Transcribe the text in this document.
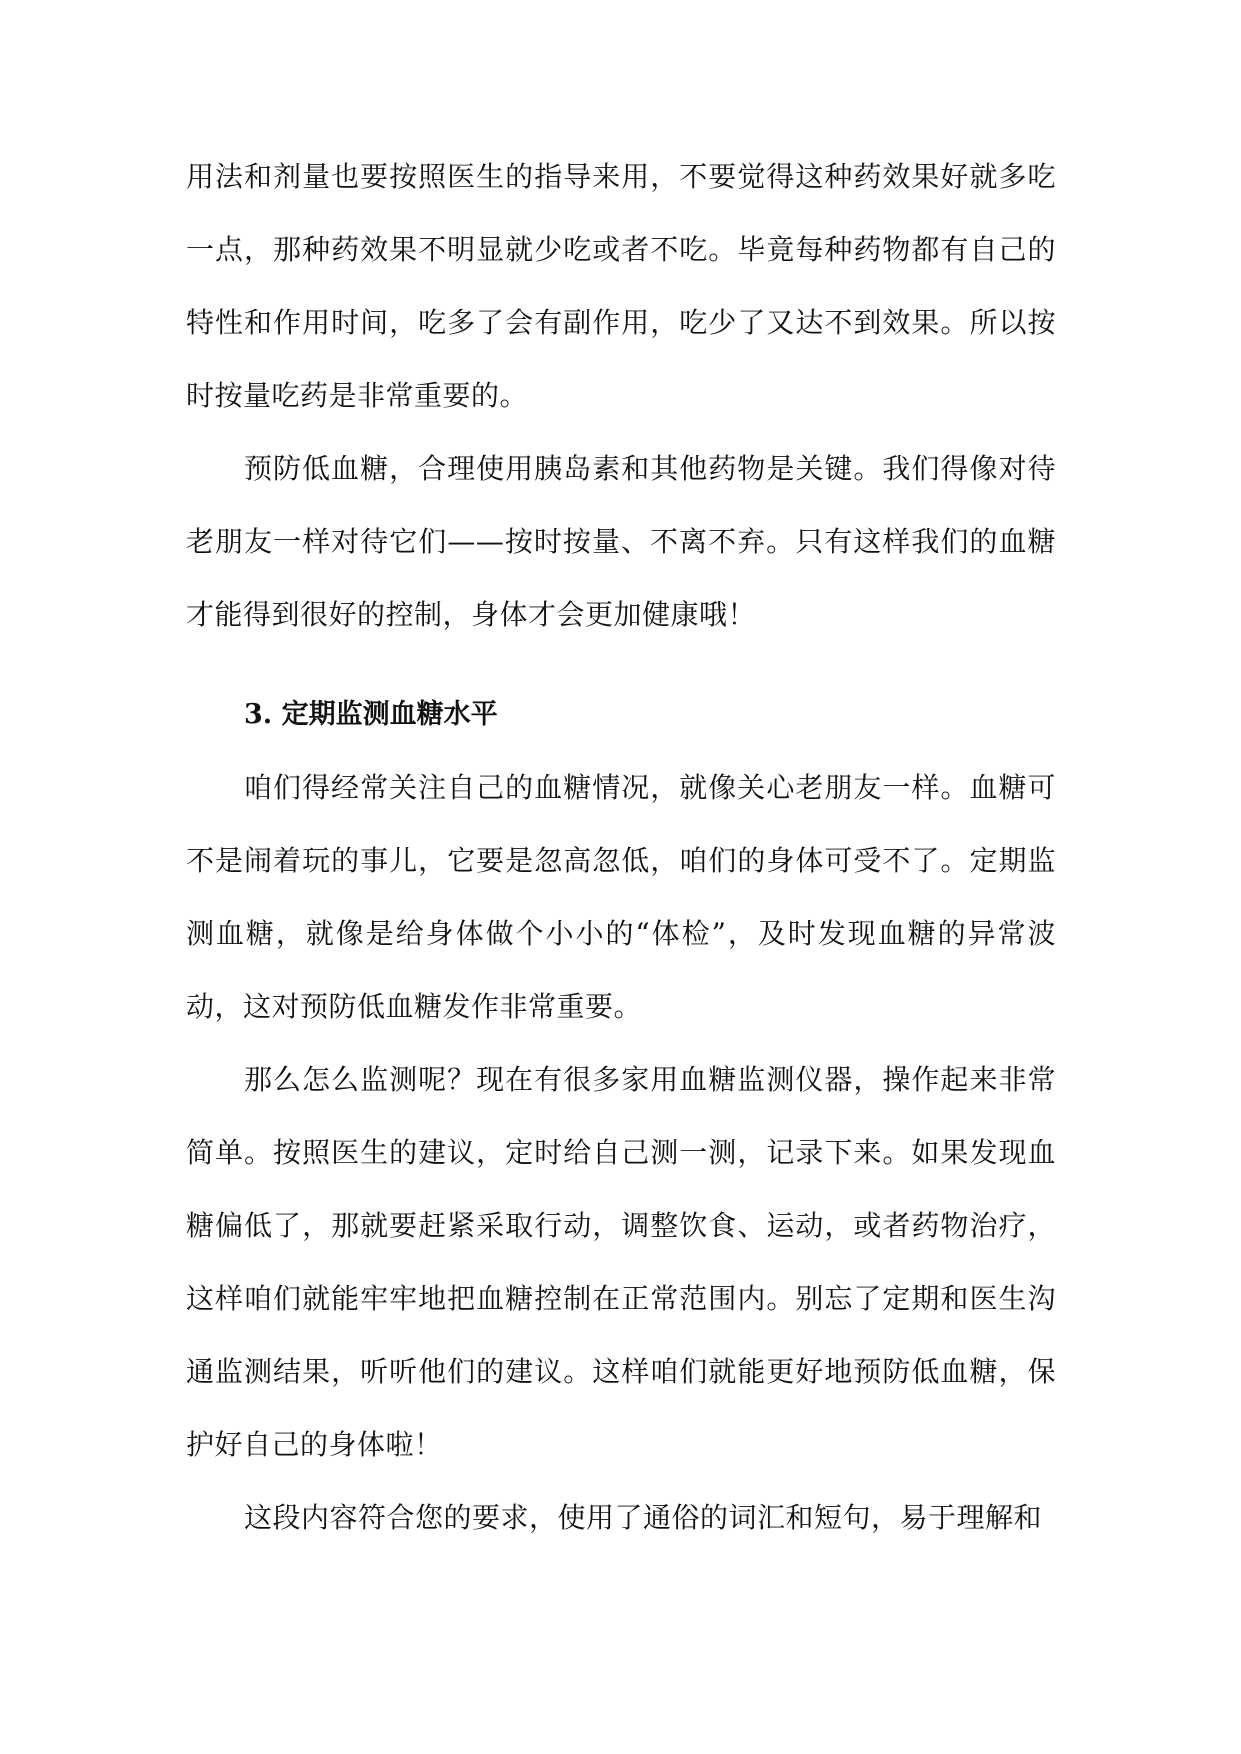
用法和剂量也要按照医生的指导来用，不要觉得这种药效果好就多吃一点，那种药效果不明显就少吃或者不吃。毕竟每种药物都有自己的特性和作用时间，吃多了会有副作用，吃少了又达不到效果。所以按时按量吃药是非常重要的。

预防低血糖，合理使用胰岛素和其他药物是关键。我们得像对待老朋友一样对待它们——按时按量、不离不弃。只有这样我们的血糖才能得到很好的控制，身体才会更加健康哦！

3. 定期监测血糖水平

咱们得经常关注自己的血糖情况，就像关心老朋友一样。血糖可不是闹着玩的事儿，它要是忽高忽低，咱们的身体可受不了。定期监测血糖，就像是给身体做个小小的“体检”，及时发现血糖的异常波动，这对预防低血糖发作非常重要。

那么怎么监测呢？现在有很多家用血糖监测仪器，操作起来非常简单。按照医生的建议，定时给自己测一测，记录下来。如果发现血糖偏低了，那就要赶紧采取行动，调整饮食、运动，或者药物治疗，这样咱们就能牢牢地把血糖控制在正常范围内。别忘了定期和医生沟通监测结果，听听他们的建议。这样咱们就能更好地预防低血糖，保护好自己的身体啦！

这段内容符合您的要求，使用了通俗的词汇和短句，易于理解和
